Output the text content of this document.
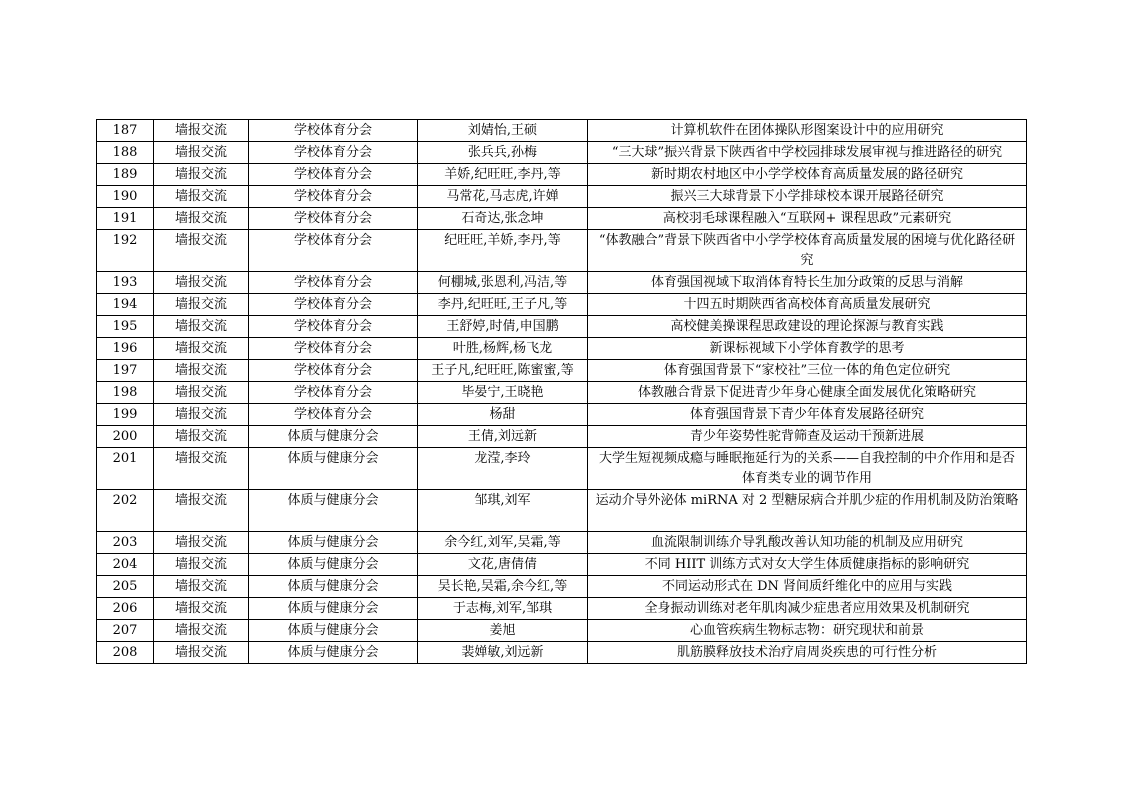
187	墙报交流	学校体育分会	刘婧怡,王硕	计算机软件在团体操队形图案设计中的应用研究
188	墙报交流	学校体育分会	张兵兵,孙梅	“三大球”振兴背景下陕西省中学校园排球发展审视与推进路径的研究
189	墙报交流	学校体育分会	羊娇,纪旺旺,李丹,等	新时期农村地区中小学学校体育高质量发展的路径研究
190	墙报交流	学校体育分会	马常花,马志虎,许婵	振兴三大球背景下小学排球校本课开展路径研究
191	墙报交流	学校体育分会	石奇达,张念坤	高校羽毛球课程融入“互联网+ 课程思政”元素研究
192	墙报交流	学校体育分会	纪旺旺,羊娇,李丹,等	“体教融合”背景下陕西省中小学学校体育高质量发展的困境与优化路径研究
193	墙报交流	学校体育分会	何棚城,张恩利,冯洁,等	体育强国视域下取消体育特长生加分政策的反思与消解
194	墙报交流	学校体育分会	李丹,纪旺旺,王子凡,等	十四五时期陕西省高校体育高质量发展研究
195	墙报交流	学校体育分会	王舒婷,时倩,申国鹏	高校健美操课程思政建设的理论探源与教育实践
196	墙报交流	学校体育分会	叶胜,杨辉,杨飞龙	新课标视域下小学体育教学的思考
197	墙报交流	学校体育分会	王子凡,纪旺旺,陈蜜蜜,等	体育强国背景下“家校社”三位一体的角色定位研究
198	墙报交流	学校体育分会	毕晏宁,王晓艳	体教融合背景下促进青少年身心健康全面发展优化策略研究
199	墙报交流	学校体育分会	杨甜	体育强国背景下青少年体育发展路径研究
200	墙报交流	体质与健康分会	王倩,刘远新	青少年姿势性驼背筛查及运动干预新进展
201	墙报交流	体质与健康分会	龙滢,李玲	大学生短视频成瘾与睡眠拖延行为的关系——自我控制的中介作用和是否体育类专业的调节作用
202	墙报交流	体质与健康分会	邹琪,刘军	运动介导外泌体 miRNA 对 2 型糖尿病合并肌少症的作用机制及防治策略
203	墙报交流	体质与健康分会	余今红,刘军,吴霜,等	血流限制训练介导乳酸改善认知功能的机制及应用研究
204	墙报交流	体质与健康分会	文花,唐倩倩	不同 HIIT 训练方式对女大学生体质健康指标的影响研究
205	墙报交流	体质与健康分会	吴长艳,吴霜,余今红,等	不同运动形式在 DN 肾间质纤维化中的应用与实践
206	墙报交流	体质与健康分会	于志梅,刘军,邹琪	全身振动训练对老年肌肉减少症患者应用效果及机制研究
207	墙报交流	体质与健康分会	姜旭	心血管疾病生物标志物：研究现状和前景
208	墙报交流	体质与健康分会	裴婵敏,刘远新	肌筋膜释放技术治疗肩周炎疾患的可行性分析
